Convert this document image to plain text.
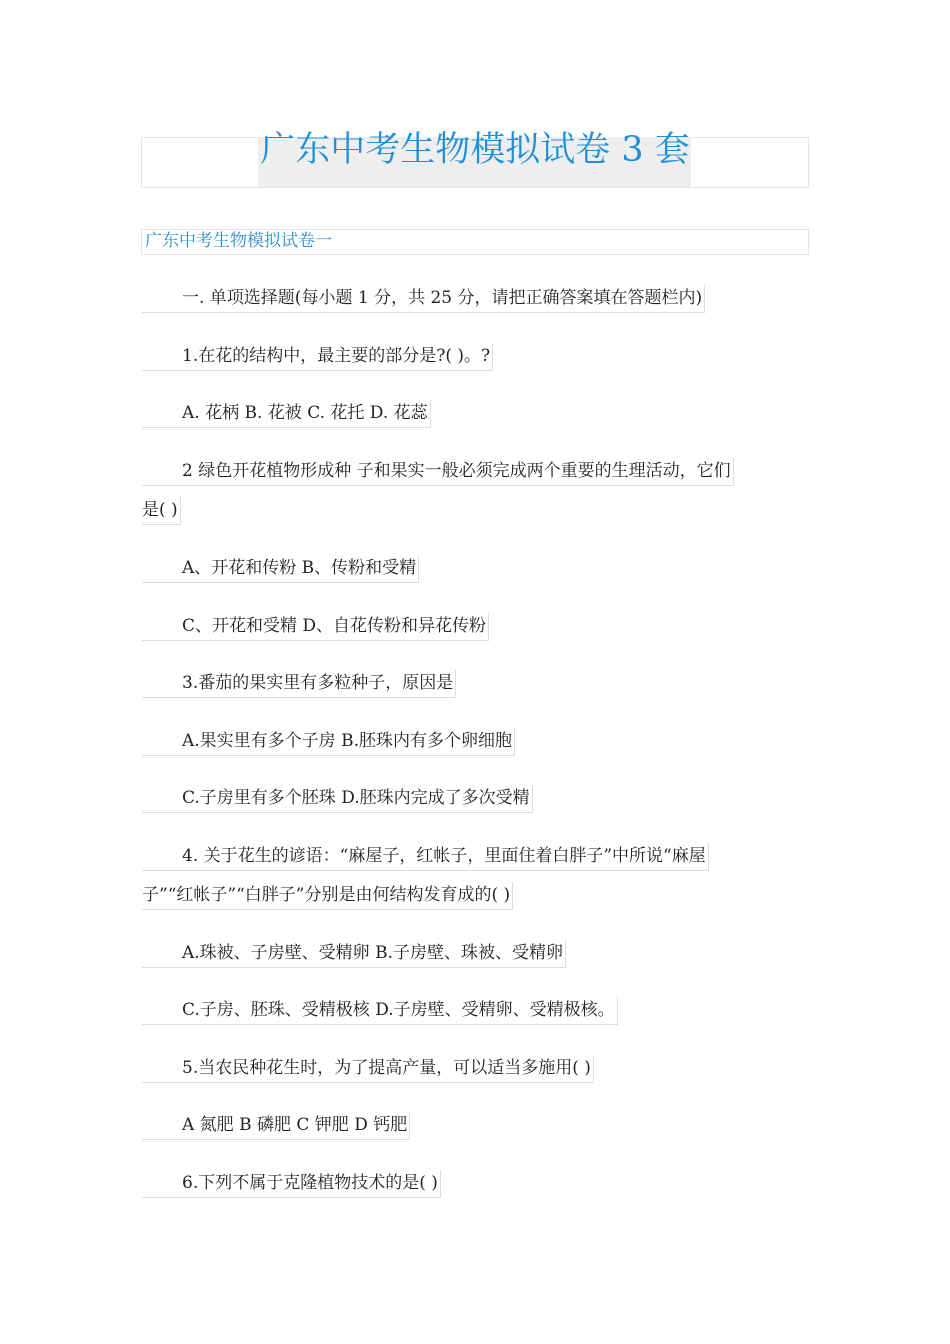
广东中考生物模拟试卷 3 套
广东中考生物模拟试卷一
一. 单项选择题(每小题 1 分，共 25 分，请把正确答案填在答题栏内)
1.在花的结构中，最主要的部分是?( )。?
A. 花柄 B. 花被 C. 花托 D. 花蕊
2 绿色开花植物形成种 子和果实一般必须完成两个重要的生理活动，它们
是( )
A、开花和传粉 B、传粉和受精
C、开花和受精 D、自花传粉和异花传粉
3.番茄的果实里有多粒种子，原因是
A.果实里有多个子房 B.胚珠内有多个卵细胞
C.子房里有多个胚珠 D.胚珠内完成了多次受精
4. 关于花生的谚语：“麻屋子，红帐子，里面住着白胖子”中所说“麻屋
子”“红帐子”“白胖子”分别是由何结构发育成的( )
A.珠被、子房壁、受精卵 B.子房壁、珠被、受精卵
C.子房、胚珠、受精极核 D.子房壁、受精卵、受精极核。
5.当农民种花生时，为了提高产量，可以适当多施用( )
A 氮肥 B 磷肥 C 钾肥 D 钙肥
6.下列不属于克隆植物技术的是( )
